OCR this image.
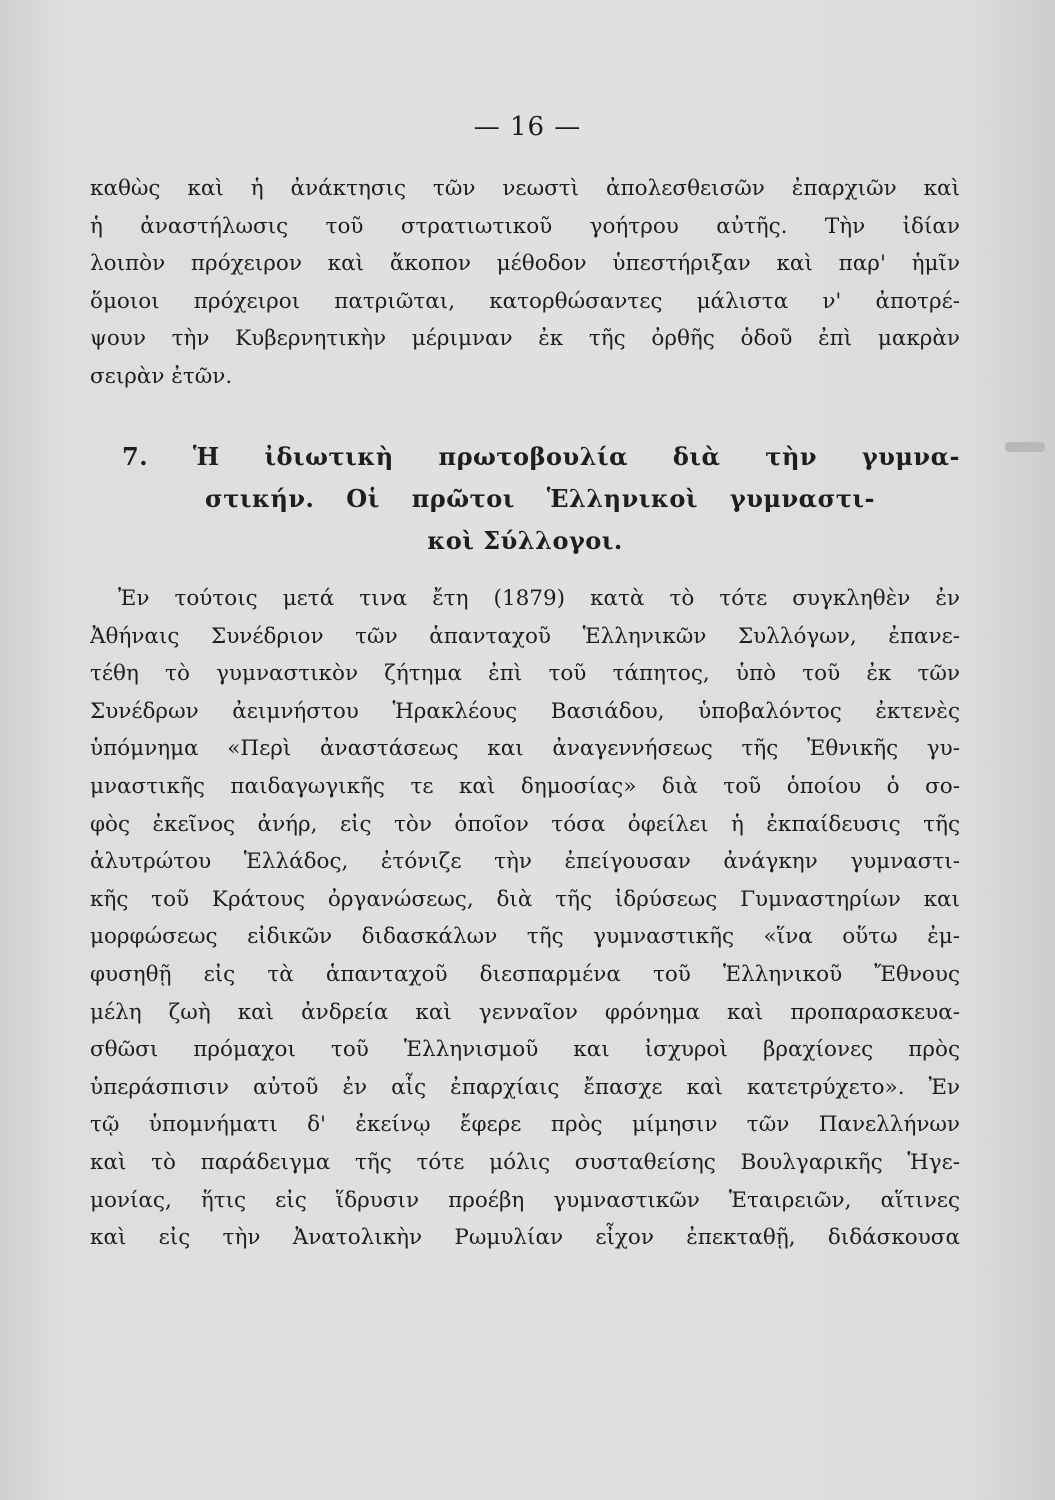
— 16 —
καθὼς καὶ ἡ ἀνάκτησις τῶν νεωστὶ ἀπολεσθεισῶν ἐπαρχιῶν καὶ
ἡ ἀναστήλωσις τοῦ στρατιωτικοῦ γοήτρου αὐτῆς. Τὴν ἰδίαν
λοιπὸν πρόχειρον καὶ ἄκοπον μέθοδον ὑπεστήριξαν καὶ παρ' ἡμῖν
ὅμοιοι πρόχειροι πατριῶται, κατορθώσαντες μάλιστα ν' ἀποτρέ-
ψουν τὴν Κυβερνητικὴν μέριμναν ἐκ τῆς ὀρθῆς ὁδοῦ ἐπὶ μακρὰν
σειρὰν ἐτῶν.
7. Ἡ ἰδιωτικὴ πρωτοβουλία διὰ τὴν γυμνα-
στικήν. Οἱ πρῶτοι Ἑλληνικοὶ γυμναστι-
κοὶ Σύλλογοι.
Ἐν τούτοις μετά τινα ἔτη (1879) κατὰ τὸ τότε συγκληθὲν ἐν
Ἀθήναις Συνέδριον τῶν ἁπανταχοῦ Ἑλληνικῶν Συλλόγων, ἐπανε-
τέθη τὸ γυμναστικὸν ζήτημα ἐπὶ τοῦ τάπητος, ὑπὸ τοῦ ἐκ τῶν
Συνέδρων ἀειμνήστου Ἡρακλέους Βασιάδου, ὑποβαλόντος ἐκτενὲς
ὑπόμνημα «Περὶ ἀναστάσεως και ἀναγεννήσεως τῆς Ἐθνικῆς γυ-
μναστικῆς παιδαγωγικῆς τε καὶ δημοσίας» διὰ τοῦ ὁποίου ὁ σο-
φὸς ἐκεῖνος ἀνήρ, εἰς τὸν ὁποῖον τόσα ὀφείλει ἡ ἐκπαίδευσις τῆς
ἀλυτρώτου Ἑλλάδος, ἐτόνιζε τὴν ἐπείγουσαν ἀνάγκην γυμναστι-
κῆς τοῦ Κράτους ὀργανώσεως, διὰ τῆς ἱδρύσεως Γυμναστηρίων και
μορφώσεως εἰδικῶν διδασκάλων τῆς γυμναστικῆς «ἵνα οὕτω ἐμ-
φυσηθῇ εἰς τὰ ἁπανταχοῦ διεσπαρμένα τοῦ Ἑλληνικοῦ Ἔθνους
μέλη ζωὴ καὶ ἀνδρεία καὶ γενναῖον φρόνημα καὶ προπαρασκευα-
σθῶσι πρόμαχοι τοῦ Ἑλληνισμοῦ και ἰσχυροὶ βραχίονες πρὸς
ὑπεράσπισιν αὐτοῦ ἐν αἷς ἐπαρχίαις ἔπασχε καὶ κατετρύχετο». Ἐν
τῷ ὑπομνήματι δ' ἐκείνῳ ἔφερε πρὸς μίμησιν τῶν Πανελλήνων
καὶ τὸ παράδειγμα τῆς τότε μόλις συσταθείσης Βουλγαρικῆς Ἡγε-
μονίας, ἥτις εἰς ἵδρυσιν προέβη γυμναστικῶν Ἑταιρειῶν, αἵτινες
καὶ εἰς τὴν Ἀνατολικὴν Ρωμυλίαν εἶχον ἐπεκταθῇ, διδάσκουσα
